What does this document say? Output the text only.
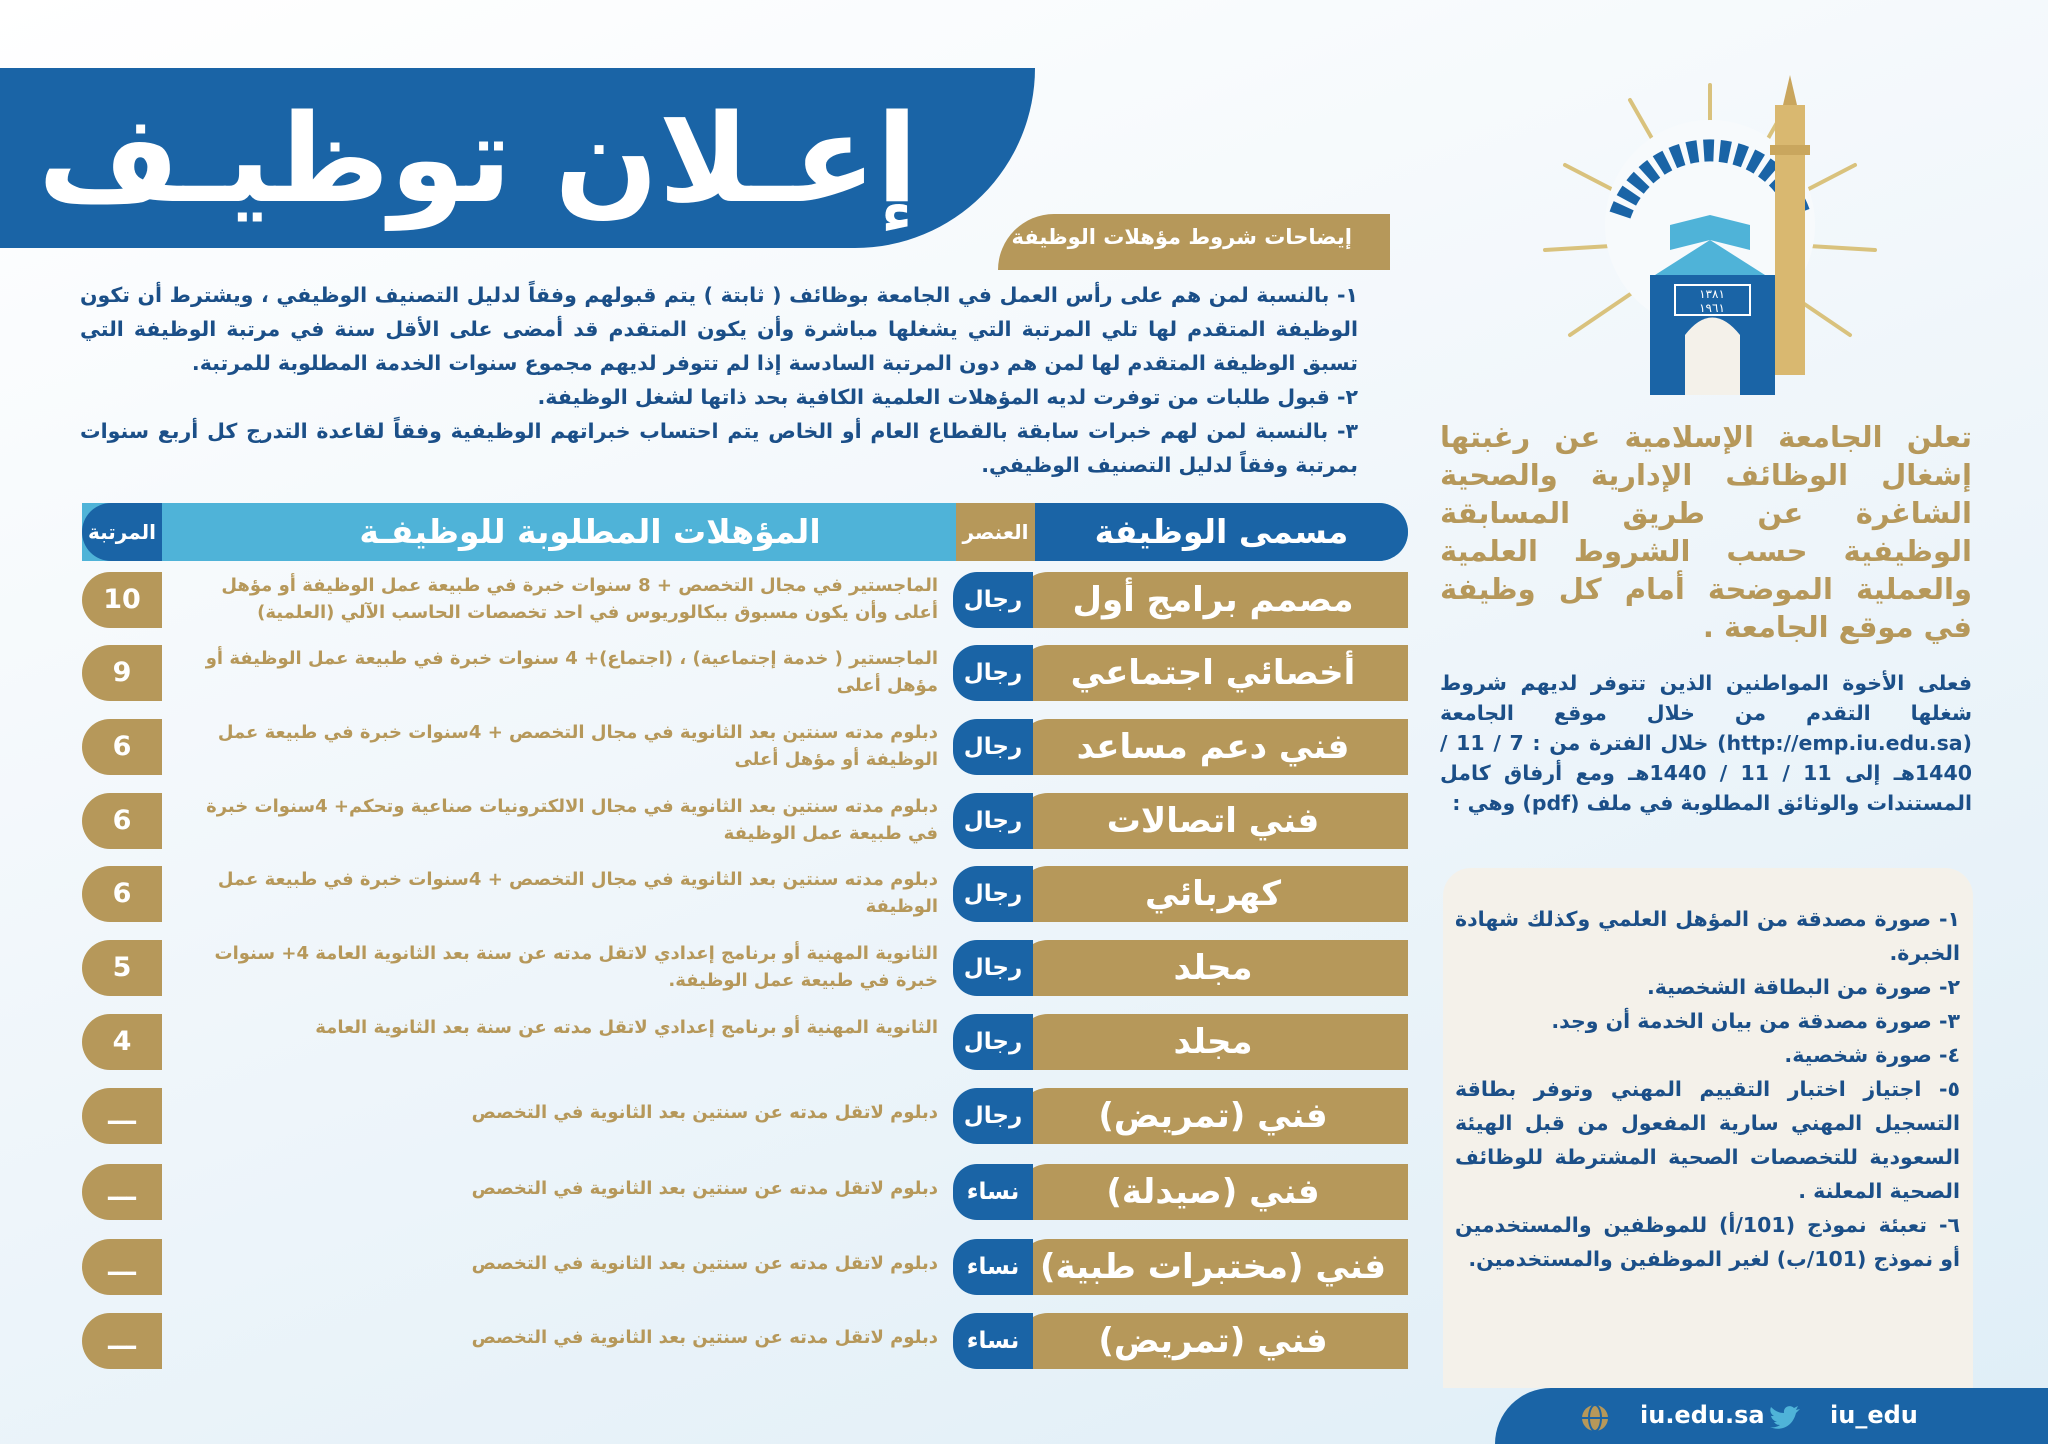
إعـلان توظيـف
إيضاحات شروط مؤهلات الوظيفة

١- بالنسبة لمن هم على رأس العمل في الجامعة بوظائف ( ثابتة ) يتم قبولهم وفقاً لدليل التصنيف الوظيفي ، ويشترط أن تكون الوظيفة المتقدم لها تلي المرتبة التي يشغلها مباشرة وأن يكون المتقدم قد أمضى على الأقل سنة في مرتبة الوظيفة التي تسبق الوظيفة المتقدم لها لمن هم دون المرتبة السادسة إذا لم تتوفر لديهم مجموع سنوات الخدمة المطلوبة للمرتبة.

٢- قبول طلبات من توفرت لديه المؤهلات العلمية الكافية بحد ذاتها لشغل الوظيفة.

٣- بالنسبة لمن لهم خبرات سابقة بالقطاع العام أو الخاص يتم احتساب خبراتهم الوظيفية وفقاً لقاعدة التدرج كل أربع سنوات بمرتبة وفقاً لدليل التصنيف الوظيفي.

مسمى الوظيفة
العنصر
المؤهلات المطلوبة للوظيفـة
المرتبة
مصمم برامج أول
رجال
الماجستير في مجال التخصص + 8 سنوات خبرة في طبيعة عمل الوظيفة أو مؤهل أعلى وأن يكون مسبوق ببكالوريوس في احد تخصصات الحاسب الآلي (العلمية)
10
أخصائي اجتماعي
رجال
الماجستير ( خدمة إجتماعية) ، (اجتماع)+ 4 سنوات خبرة في طبيعة عمل الوظيفة أو مؤهل أعلى
9
فني دعم مساعد
رجال
دبلوم مدته سنتين بعد الثانوية في مجال التخصص + 4سنوات خبرة في طبيعة عمل الوظيفة أو مؤهل أعلى
6
فني اتصالات
رجال
دبلوم مدته سنتين بعد الثانوية في مجال الالكترونيات صناعية وتحكم+ 4سنوات خبرة في طبيعة عمل الوظيفة
6
كهربائي
رجال
دبلوم مدته سنتين بعد الثانوية في مجال التخصص + 4سنوات خبرة في طبيعة عمل الوظيفة
6
مجلد
رجال
الثانوية المهنية أو برنامج إعدادي لاتقل مدته عن سنة بعد الثانوية العامة 4+ سنوات خبرة في طبيعة عمل الوظيفة.
5
مجلد
رجال
الثانوية المهنية أو برنامج إعدادي لاتقل مدته عن سنة بعد الثانوية العامة
4
فني (تمريض)
رجال
دبلوم لاتقل مدته عن سنتين بعد الثانوية في التخصص
ـــ
فني (صيدلة)
نساء
دبلوم لاتقل مدته عن سنتين بعد الثانوية في التخصص
ـــ
فني (مختبرات طبية)
نساء
دبلوم لاتقل مدته عن سنتين بعد الثانوية في التخصص
ـــ
فني (تمريض)
نساء
دبلوم لاتقل مدته عن سنتين بعد الثانوية في التخصص
ـــ
١٣٨١
١٩٦١
تعلن الجامعة الإسلامية عن رغبتها إشغال الوظائف الإدارية والصحية الشاغرة عن طريق المسابقة الوظيفية حسب الشروط العلمية والعملية الموضحة أمام كل وظيفة في موقع الجامعة .
فعلى الأخوة المواطنين الذين تتوفر لديهم شروط شغلها التقدم من خلال موقع الجامعة (http://emp.iu.edu.sa) خلال الفترة من : 7 / 11 / 1440هـ إلى 11 / 11 / 1440هـ ومع أرفاق كامل المستندات والوثائق المطلوبة في ملف (pdf) وهي :

١- صورة مصدقة من المؤهل العلمي وكذلك شهادة الخبرة.

٢- صورة من البطاقة الشخصية.

٣- صورة مصدقة من بيان الخدمة أن وجد.

٤- صورة شخصية.

٥- اجتياز اختبار التقييم المهني وتوفر بطاقة التسجيل المهني سارية المفعول من قبل الهيئة السعودية للتخصصات الصحية المشترطة للوظائف الصحية المعلنة .

٦- تعبئة نموذج (101/أ) للموظفين والمستخدمين أو نموذج (101/ب) لغير الموظفين والمستخدمين.

iu.edu.sa	iu_edu
